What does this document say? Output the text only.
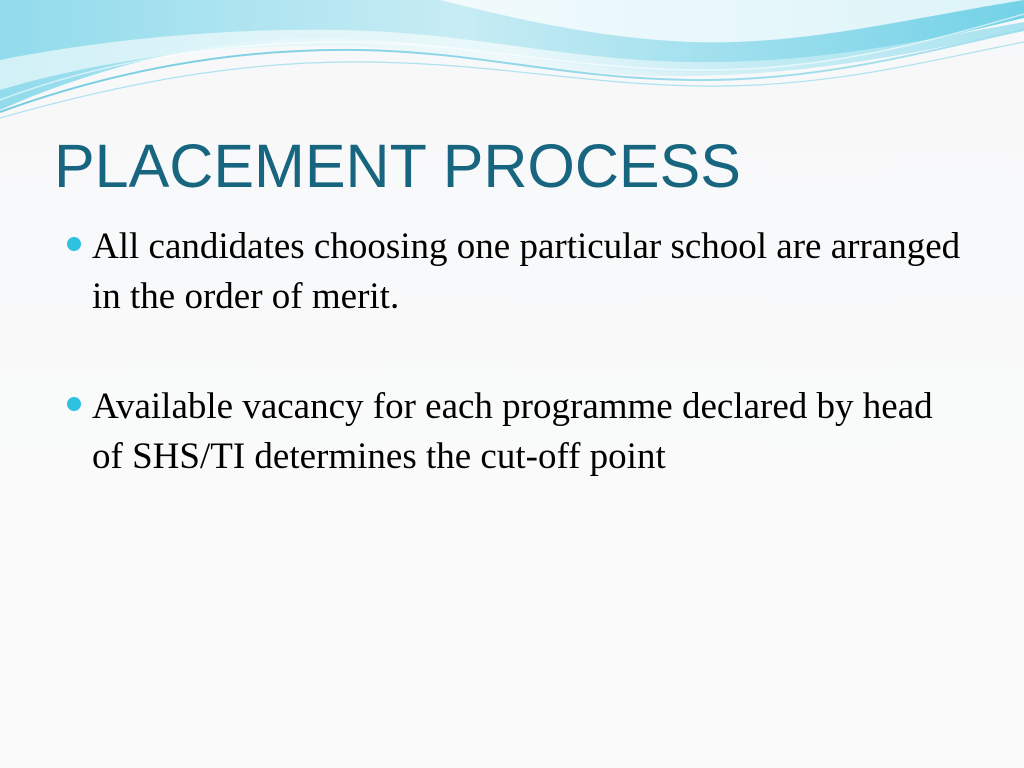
PLACEMENT PROCESS
All candidates choosing one particular school are arranged in the order of merit.
Available vacancy for each programme declared by head of SHS/TI determines the cut-off point
